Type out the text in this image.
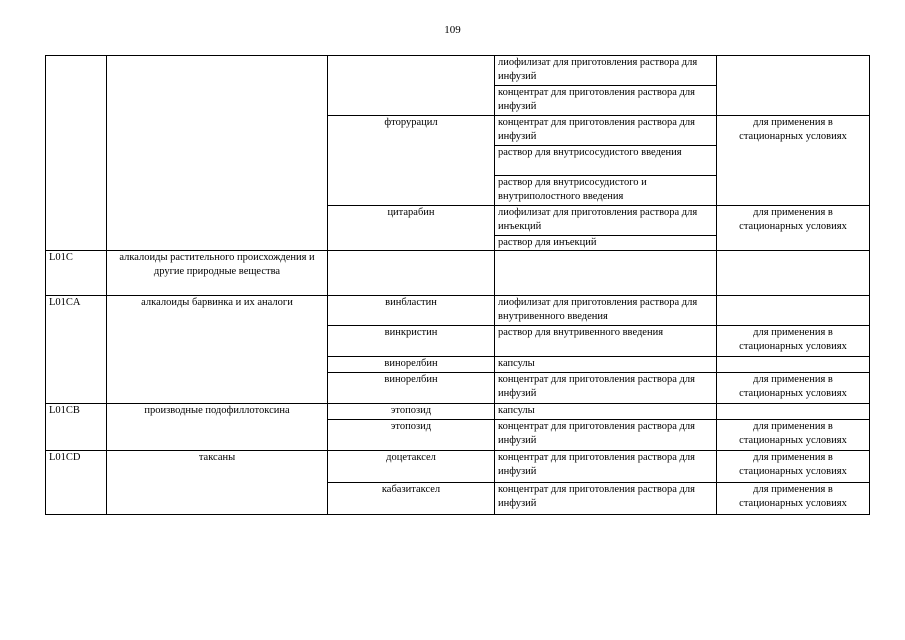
109
			лиофилизат для приготовления раствора для инфузий	
			концентрат для приготовления раствора для инфузий	
		фторурацил	концентрат для приготовления раствора для инфузий	для применения в
стационарных условиях

			раствор для внутрисосудистого введения	
			раствор для внутрисосудистого и внутриполостного введения	
		цитарабин	лиофилизат для приготовления раствора для инъекций	для применения в
стационарных условиях

			раствор для инъекций	
L01C	алкалоиды растительного происхождения и другие природные вещества			
L01CA	алкалоиды барвинка и их аналоги	винбластин	лиофилизат для приготовления раствора для внутривенного введения	
		винкристин	раствор для внутривенного введения	для применения в
стационарных условиях

		винорелбин	капсулы	
		винорелбин	концентрат для приготовления раствора для инфузий	для применения в
стационарных условиях

L01CB	производные подофиллотоксина	этопозид	капсулы	
		этопозид	концентрат для приготовления раствора для инфузий	для применения в
стационарных условиях

L01CD	таксаны	доцетаксел	концентрат для приготовления раствора для инфузий	для применения в
стационарных условиях

		кабазитаксел	концентрат для приготовления раствора для инфузий	для применения в
стационарных условиях
